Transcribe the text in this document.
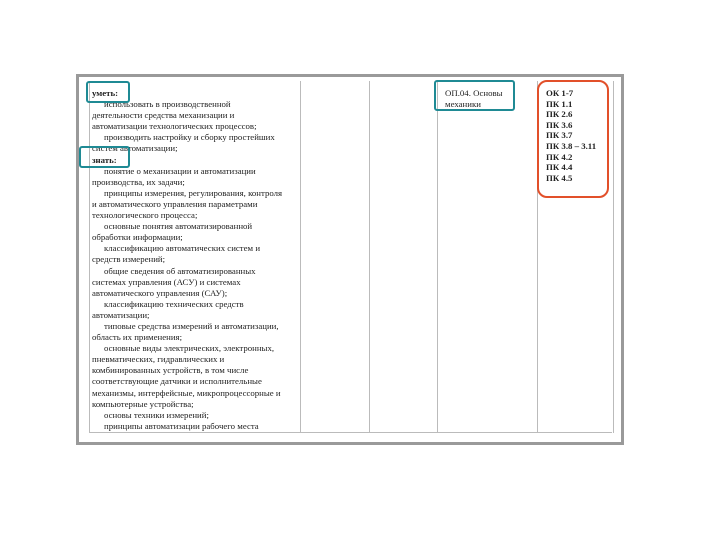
уметь:
использовать в производственной
деятельности средства механизации и
автоматизации технологических процессов;
производить настройку и сборку простейших
систем автоматизации;
знать:
понятие о механизации и автоматизации
производства, их задачи;
принципы измерения, регулирования, контроля
и автоматического управления параметрами
технологического процесса;
основные понятия автоматизированной
обработки информации;
классификацию автоматических систем и
средств измерений;
общие сведения об автоматизированных
системах управления (АСУ) и системах
автоматического управления (САУ);
классификацию технических средств
автоматизации;
типовые средства измерений и автоматизации,
область их применения;
основные виды электрических, электронных,
пневматических, гидравлических и
комбинированных устройств, в том числе
соответствующие датчики и исполнительные
механизмы, интерфейсные, микропроцессорные и
компьютерные устройства;
основы техники измерений;
принципы автоматизации рабочего места
ОП.04. Основы
механики
ОК 1-7
ПК 1.1
ПК 2.6
ПК 3.6
ПК 3.7
ПК 3.8 – 3.11
ПК 4.2
ПК 4.4
ПК 4.5
